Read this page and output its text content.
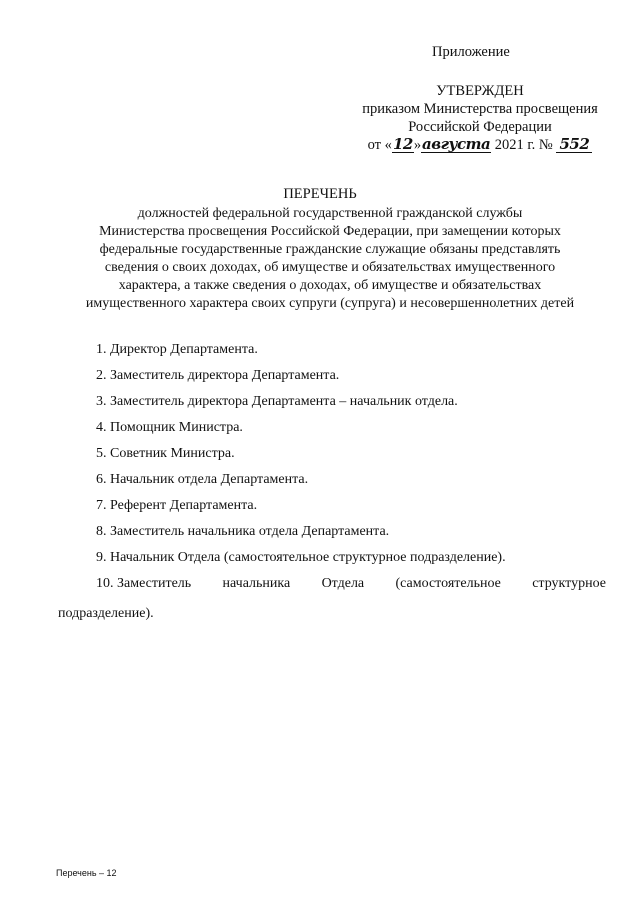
Приложение
УТВЕРЖДЕН
приказом Министерства просвещения
Российской Федерации
от «12»августа 2021 г. № 552
ПЕРЕЧЕНЬ
должностей федеральной государственной гражданской службы
Министерства просвещения Российской Федерации, при замещении которых
федеральные государственные гражданские служащие обязаны представлять
сведения о своих доходах, об имуществе и обязательствах имущественного
характера, а также сведения о доходах, об имуществе и обязательствах
имущественного характера своих супруги (супруга) и несовершеннолетних детей
1. Директор Департамента.
2. Заместитель директора Департамента.
3. Заместитель директора Департамента – начальник отдела.
4. Помощник Министра.
5. Советник Министра.
6. Начальник отдела Департамента.
7. Референт Департамента.
8. Заместитель начальника отдела Департамента.
9. Начальник Отдела (самостоятельное структурное подразделение).
10. Заместитель начальника Отдела (самостоятельное структурное
подразделение).
Перечень – 12
